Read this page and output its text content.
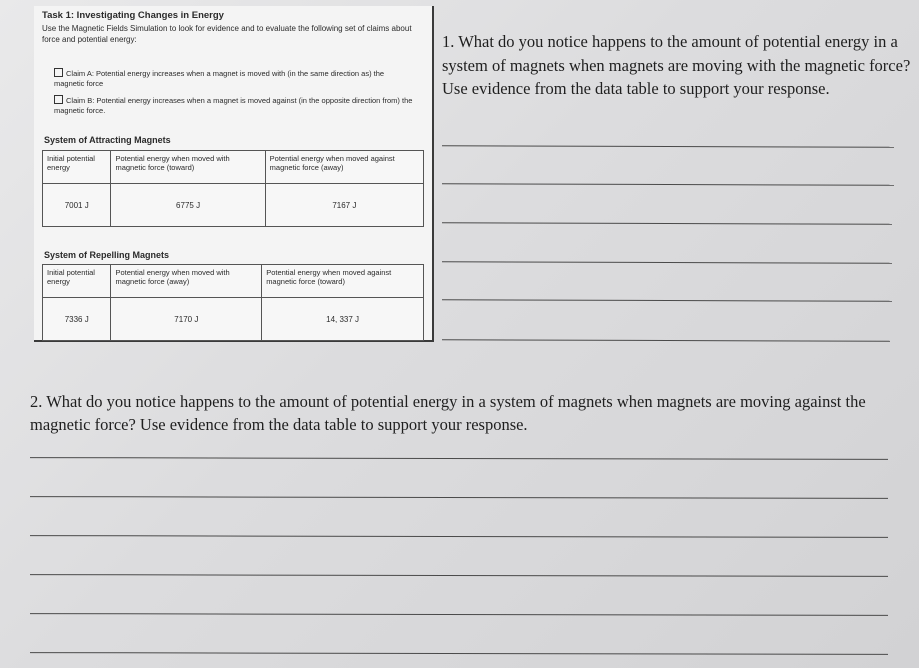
Task 1: Investigating Changes in Energy
Use the Magnetic Fields Simulation to look for evidence and to evaluate the following set of claims about force and potential energy:
Claim A: Potential energy increases when a magnet is moved with (in the same direction as) the magnetic force
Claim B: Potential energy increases when a magnet is moved against (in the opposite direction from) the magnetic force.
System of Attracting Magnets
Initial potential energy	Potential energy when moved with magnetic force (toward)	Potential energy when moved against magnetic force (away)
7001 J	6775 J	7167 J
System of Repelling Magnets
Initial potential energy	Potential energy when moved with magnetic force (away)	Potential energy when moved against magnetic force (toward)
7336 J	7170 J	14, 337 J
1. What do you notice happens to the amount of potential energy in a system of magnets when magnets are moving with the magnetic force? Use evidence from the data table to support your response.
2. What do you notice happens to the amount of potential energy in a system of magnets when magnets are moving against the magnetic force? Use evidence from the data table to support your response.
